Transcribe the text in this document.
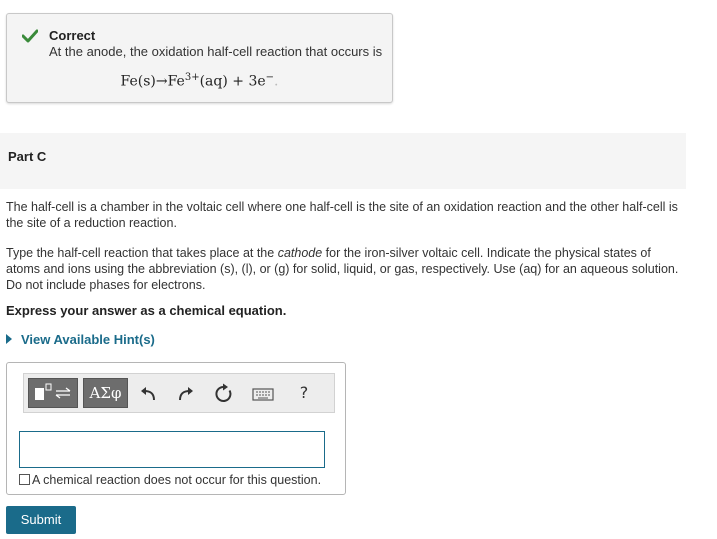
Correct
At the anode, the oxidation half-cell reaction that occurs is
$Fe(s)\to Fe^{3+}(aq) + 3e^-$.
Part C
The half-cell is a chamber in the voltaic cell where one half-cell is the site of an oxidation reaction and the other half-cell is the site of a reduction reaction.
Type the half-cell reaction that takes place at the cathode for the iron-silver voltaic cell. Indicate the physical states of atoms and ions using the abbreviation (s), (l), or (g) for solid, liquid, or gas, respectively. Use (aq) for an aqueous solution. Do not include phases for electrons.
Express your answer as a chemical equation.
View Available Hint(s)
ΑΣφ	?
A chemical reaction does not occur for this question.
Submit
